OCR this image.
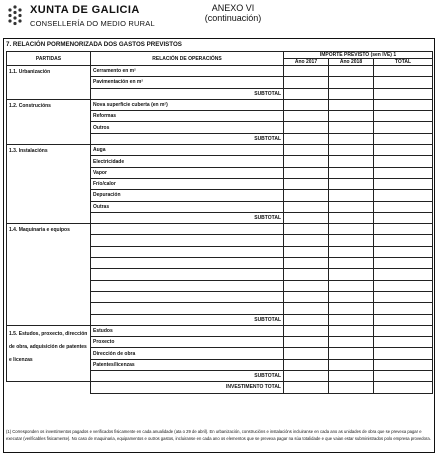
XUNTA DE GALICIA
CONSELLERÍA DO MEDIO RURAL
ANEXO VI
(continuación)
7. RELACIÓN PORMENORIZADA DOS GASTOS PREVISTOS
PARTIDAS	RELACIÓN DE OPERACIÓNS	IMPORTE PREVISTO (sen IVE) 1		
		Ano 2017	Ano 2018	TOTAL
1.1. Urbanización	Cerramento en m²			
	Pavimentación en m²			
	SUBTOTAL			
1.2. Construcións	Nova superficie cuberta (en m²)			
	Reformas			
	Outros			
	SUBTOTAL			
1.3. Instalacións	Auga			
	Electricidade			
	Vapor			
	Frío/calor			
	Depuración			
	Outras			
	SUBTOTAL			
1.4. Maquinaria e equipos				

	SUBTOTAL			
1.5. Estudos, proxecto, dirección de obra, adquisición de patentes e licenzas	Estudos			
	Proxecto			
	Dirección de obra			
	Patentes/licenzas			
	SUBTOTAL			
	INVESTIMENTO TOTAL			
(1) Corresponden os investimentos pagados e verificados fisicamente en cada anualidade (ata o 29 de abril). En urbanización, construcións e instalacións incluiranse en cada ano as unidades de obra que se prevexa pagar e executar (verificables fisicamente). No caso de maquinaria, equipamentos e outros gastos, incluiranse en cada ano os elementos que se prevexa pagar na súa totalidade e que vaian estar subministrados polo empresa provedora.
